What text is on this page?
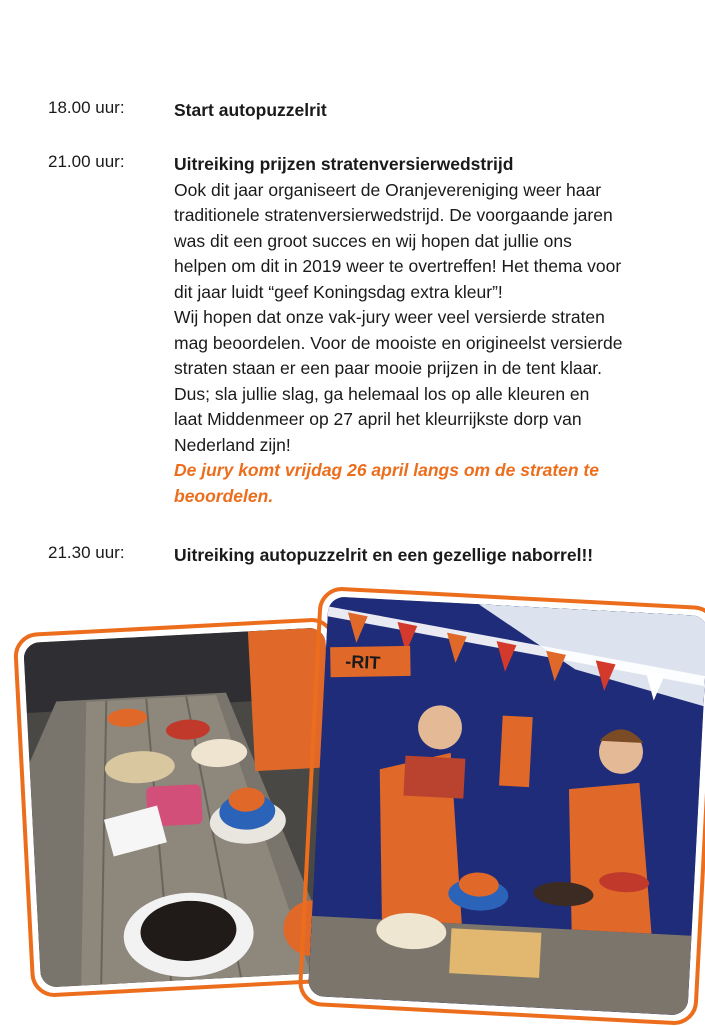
18.00 uur:	Start autopuzzelrit
21.00 uur:	Uitreiking prijzen stratenversierwedstrijd
Ook dit jaar organiseert de Oranjevereniging weer haar
traditionele stratenversierwedstrijd. De voorgaande jaren
was dit een groot succes en wij hopen dat jullie ons
helpen om dit in 2019 weer te overtreffen! Het thema voor
dit jaar luidt “geef Koningsdag extra kleur”!
Wij hopen dat onze vak-jury weer veel versierde straten
mag beoordelen. Voor de mooiste en origineelst versierde
straten staan er een paar mooie prijzen in de tent klaar.
Dus; sla jullie slag, ga helemaal los op alle kleuren en
laat Middenmeer op 27 april het kleurrijkste dorp van
Nederland zijn!
De jury komt vrijdag 26 april langs om de straten te
beoordelen.
21.30 uur:	Uitreiking autopuzzelrit en een gezellige naborrel!!
-RIT
